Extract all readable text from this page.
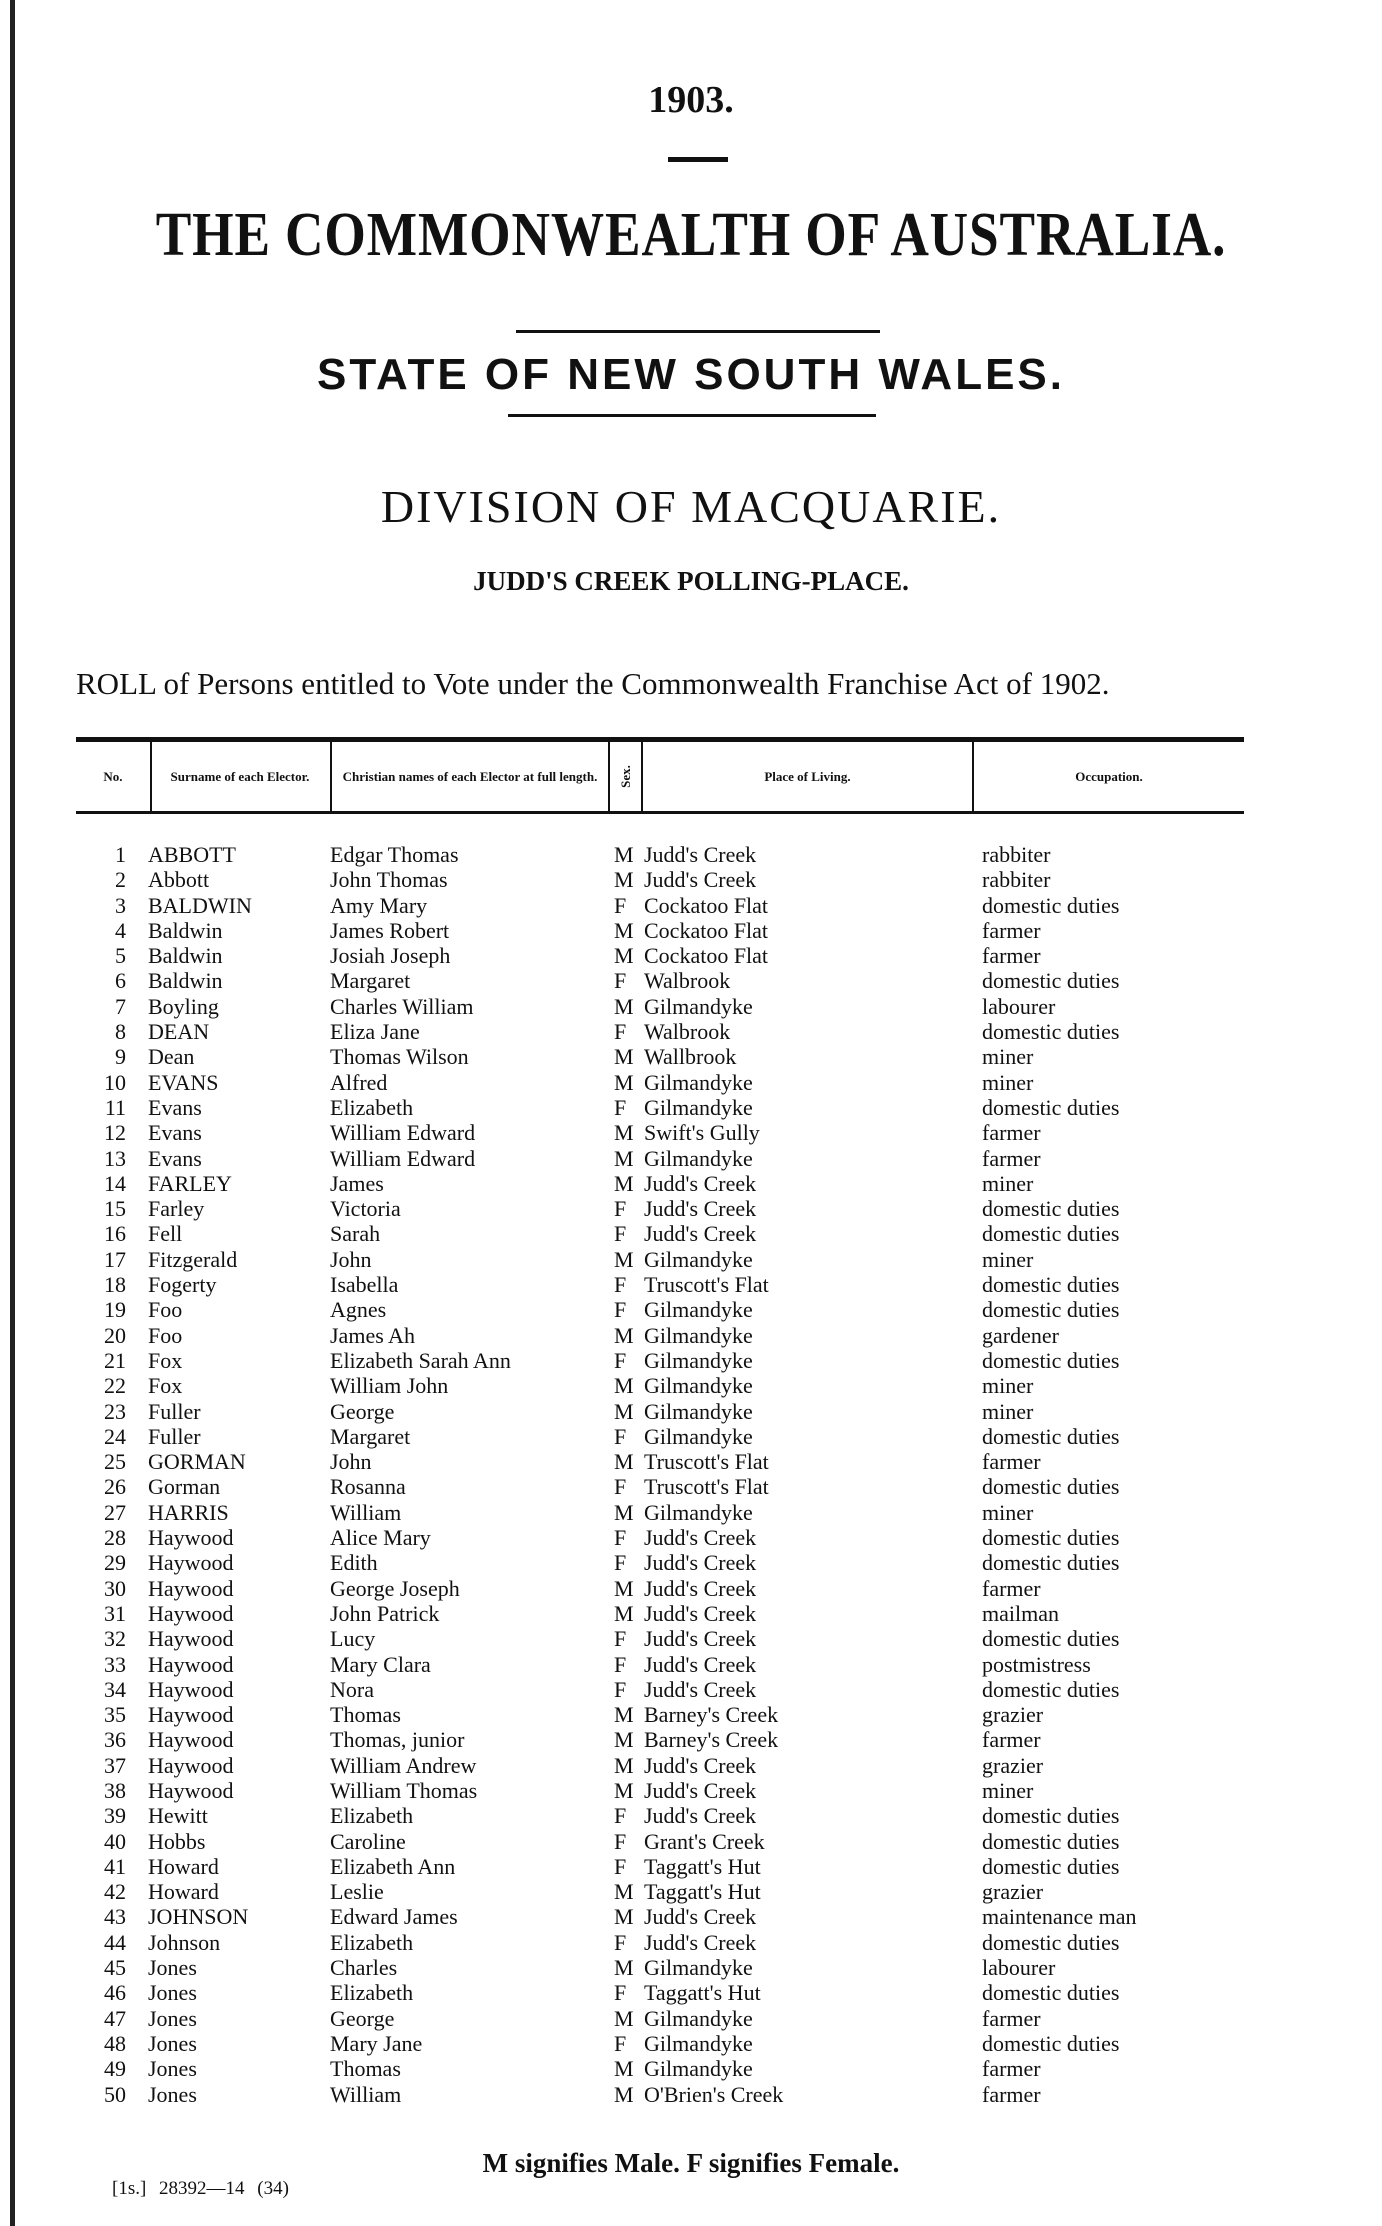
1903.
THE COMMONWEALTH OF AUSTRALIA.
STATE OF NEW SOUTH WALES.
DIVISION OF MACQUARIE.
JUDD'S CREEK POLLING-PLACE.
ROLL of Persons entitled to Vote under the Commonwealth Franchise Act of 1902.
No.	Surname of each Elector.	Christian names of each Elector at full length.	Sex.	Place of Living.	Occupation.
1 ABBOTT	Edgar Thomas	M Judd's Creek	rabbiter
2 Abbott	John Thomas	M Judd's Creek	rabbiter
3 BALDWIN	Amy Mary	F Cockatoo Flat	domestic duties
4 Baldwin	James Robert	M Cockatoo Flat	farmer
5 Baldwin	Josiah Joseph	M Cockatoo Flat	farmer
6 Baldwin	Margaret	F Walbrook	domestic duties
7 Boyling	Charles William	M Gilmandyke	labourer
8 DEAN	Eliza Jane	F Walbrook	domestic duties
9 Dean	Thomas Wilson	M Wallbrook	miner
10 EVANS	Alfred	M Gilmandyke	miner
11 Evans	Elizabeth	F Gilmandyke	domestic duties
12 Evans	William Edward	M Swift's Gully	farmer
13 Evans	William Edward	M Gilmandyke	farmer
14 FARLEY	James	M Judd's Creek	miner
15 Farley	Victoria	F Judd's Creek	domestic duties
16 Fell	Sarah	F Judd's Creek	domestic duties
17 Fitzgerald	John	M Gilmandyke	miner
18 Fogerty	Isabella	F Truscott's Flat	domestic duties
19 Foo	Agnes	F Gilmandyke	domestic duties
20 Foo	James Ah	M Gilmandyke	gardener
21 Fox	Elizabeth Sarah Ann	F Gilmandyke	domestic duties
22 Fox	William John	M Gilmandyke	miner
23 Fuller	George	M Gilmandyke	miner
24 Fuller	Margaret	F Gilmandyke	domestic duties
25 GORMAN	John	M Truscott's Flat	farmer
26 Gorman	Rosanna	F Truscott's Flat	domestic duties
27 HARRIS	William	M Gilmandyke	miner
28 Haywood	Alice Mary	F Judd's Creek	domestic duties
29 Haywood	Edith	F Judd's Creek	domestic duties
30 Haywood	George Joseph	M Judd's Creek	farmer
31 Haywood	John Patrick	M Judd's Creek	mailman
32 Haywood	Lucy	F Judd's Creek	domestic duties
33 Haywood	Mary Clara	F Judd's Creek	postmistress
34 Haywood	Nora	F Judd's Creek	domestic duties
35 Haywood	Thomas	M Barney's Creek	grazier
36 Haywood	Thomas, junior	M Barney's Creek	farmer
37 Haywood	William Andrew	M Judd's Creek	grazier
38 Haywood	William Thomas	M Judd's Creek	miner
39 Hewitt	Elizabeth	F Judd's Creek	domestic duties
40 Hobbs	Caroline	F Grant's Creek	domestic duties
41 Howard	Elizabeth Ann	F Taggatt's Hut	domestic duties
42 Howard	Leslie	M Taggatt's Hut	grazier
43 JOHNSON	Edward James	M Judd's Creek	maintenance man
44 Johnson	Elizabeth	F Judd's Creek	domestic duties
45 Jones	Charles	M Gilmandyke	labourer
46 Jones	Elizabeth	F Taggatt's Hut	domestic duties
47 Jones	George	M Gilmandyke	farmer
48 Jones	Mary Jane	F Gilmandyke	domestic duties
49 Jones	Thomas	M Gilmandyke	farmer
50 Jones	William	M O'Brien's Creek	farmer
M signifies Male. F signifies Female.
[1s.] 28392—14 (34)
